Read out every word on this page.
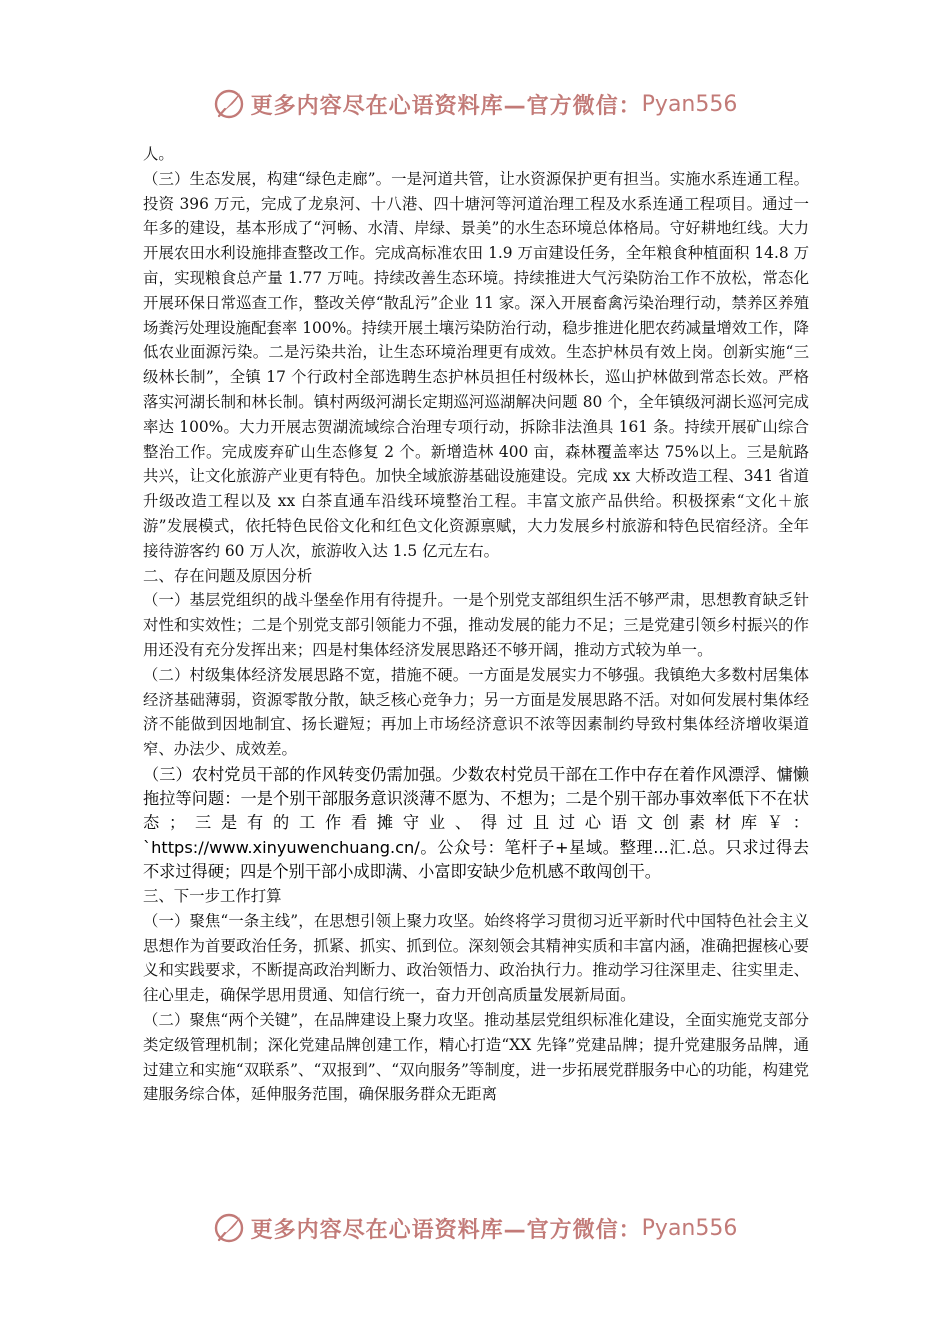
更多内容尽在心语资料库—官方微信： Pyan556

人。

（三）生态发展，构建“绿色走廊”。一是河道共管，让水资源保护更有担当。实施水系连通工程。投资 396 万元，完成了龙泉河、十八港、四十塘河等河道治理工程及水系连通工程项目。通过一年多的建设，基本形成了“河畅、水清、岸绿、景美”的水生态环境总体格局。守好耕地红线。大力开展农田水利设施排查整改工作。完成高标准农田 1.9 万亩建设任务，全年粮食种植面积 14.8 万亩，实现粮食总产量 1.77 万吨。持续改善生态环境。持续推进大气污染防治工作不放松，常态化开展环保日常巡查工作，整改关停“散乱污”企业 11 家。深入开展畜禽污染治理行动，禁养区养殖场粪污处理设施配套率 100%。持续开展土壤污染防治行动，稳步推进化肥农药减量增效工作，降低农业面源污染。二是污染共治，让生态环境治理更有成效。生态护林员有效上岗。创新实施“三级林长制”，全镇 17 个行政村全部选聘生态护林员担任村级林长，巡山护林做到常态长效。严格落实河湖长制和林长制。镇村两级河湖长定期巡河巡湖解决问题 80 个，全年镇级河湖长巡河完成率达 100%。大力开展志贺湖流域综合治理专项行动，拆除非法渔具 161 条。持续开展矿山综合整治工作。完成废弃矿山生态修复 2 个。新增造林 400 亩，森林覆盖率达 75%以上。三是航路共兴，让文化旅游产业更有特色。加快全域旅游基础设施建设。完成 xx 大桥改造工程、341 省道升级改造工程以及 xx 白茶直通车沿线环境整治工程。丰富文旅产品供给。积极探索“文化＋旅游”发展模式，依托特色民俗文化和红色文化资源禀赋，大力发展乡村旅游和特色民宿经济。全年接待游客约 60 万人次，旅游收入达 1.5 亿元左右。

二、存在问题及原因分析

（一）基层党组织的战斗堡垒作用有待提升。一是个别党支部组织生活不够严肃，思想教育缺乏针对性和实效性；二是个别党支部引领能力不强，推动发展的能力不足；三是党建引领乡村振兴的作用还没有充分发挥出来；四是村集体经济发展思路还不够开阔，推动方式较为单一。

（二）村级集体经济发展思路不宽，措施不硬。一方面是发展实力不够强。我镇绝大多数村居集体经济基础薄弱，资源零散分散，缺乏核心竞争力；另一方面是发展思路不活。对如何发展村集体经济不能做到因地制宜、扬长避短；再加上市场经济意识不浓等因素制约导致村集体经济增收渠道窄、办法少、成效差。

（三）农村党员干部的作风转变仍需加强。少数农村党员干部在工作中存在着作风漂浮、慵懒拖拉等问题：一是个别干部服务意识淡薄不愿为、不想为；二是个别干部办事效率低下不在状态；三是有的工作看摊守业、得过且过心语文创素材库￥：`https://www.xinyuwenchuang.cn/。公众号：笔杆子+星域。整理...汇.总。只求过得去不求过得硬；四是个别干部小成即满、小富即安缺少危机感不敢闯创干。

三、下一步工作打算

（一）聚焦“一条主线”，在思想引领上聚力攻坚。始终将学习贯彻习近平新时代中国特色社会主义思想作为首要政治任务，抓紧、抓实、抓到位。深刻领会其精神实质和丰富内涵，准确把握核心要义和实践要求，不断提高政治判断力、政治领悟力、政治执行力。推动学习往深里走、往实里走、往心里走，确保学思用贯通、知信行统一，奋力开创高质量发展新局面。

（二）聚焦“两个关键”，在品牌建设上聚力攻坚。推动基层党组织标准化建设，全面实施党支部分类定级管理机制；深化党建品牌创建工作，精心打造“XX 先锋”党建品牌；提升党建服务品牌，通过建立和实施“双联系”、“双报到”、“双向服务”等制度，进一步拓展党群服务中心的功能，构建党建服务综合体，延伸服务范围，确保服务群众无距离

更多内容尽在心语资料库—官方微信： Pyan556
